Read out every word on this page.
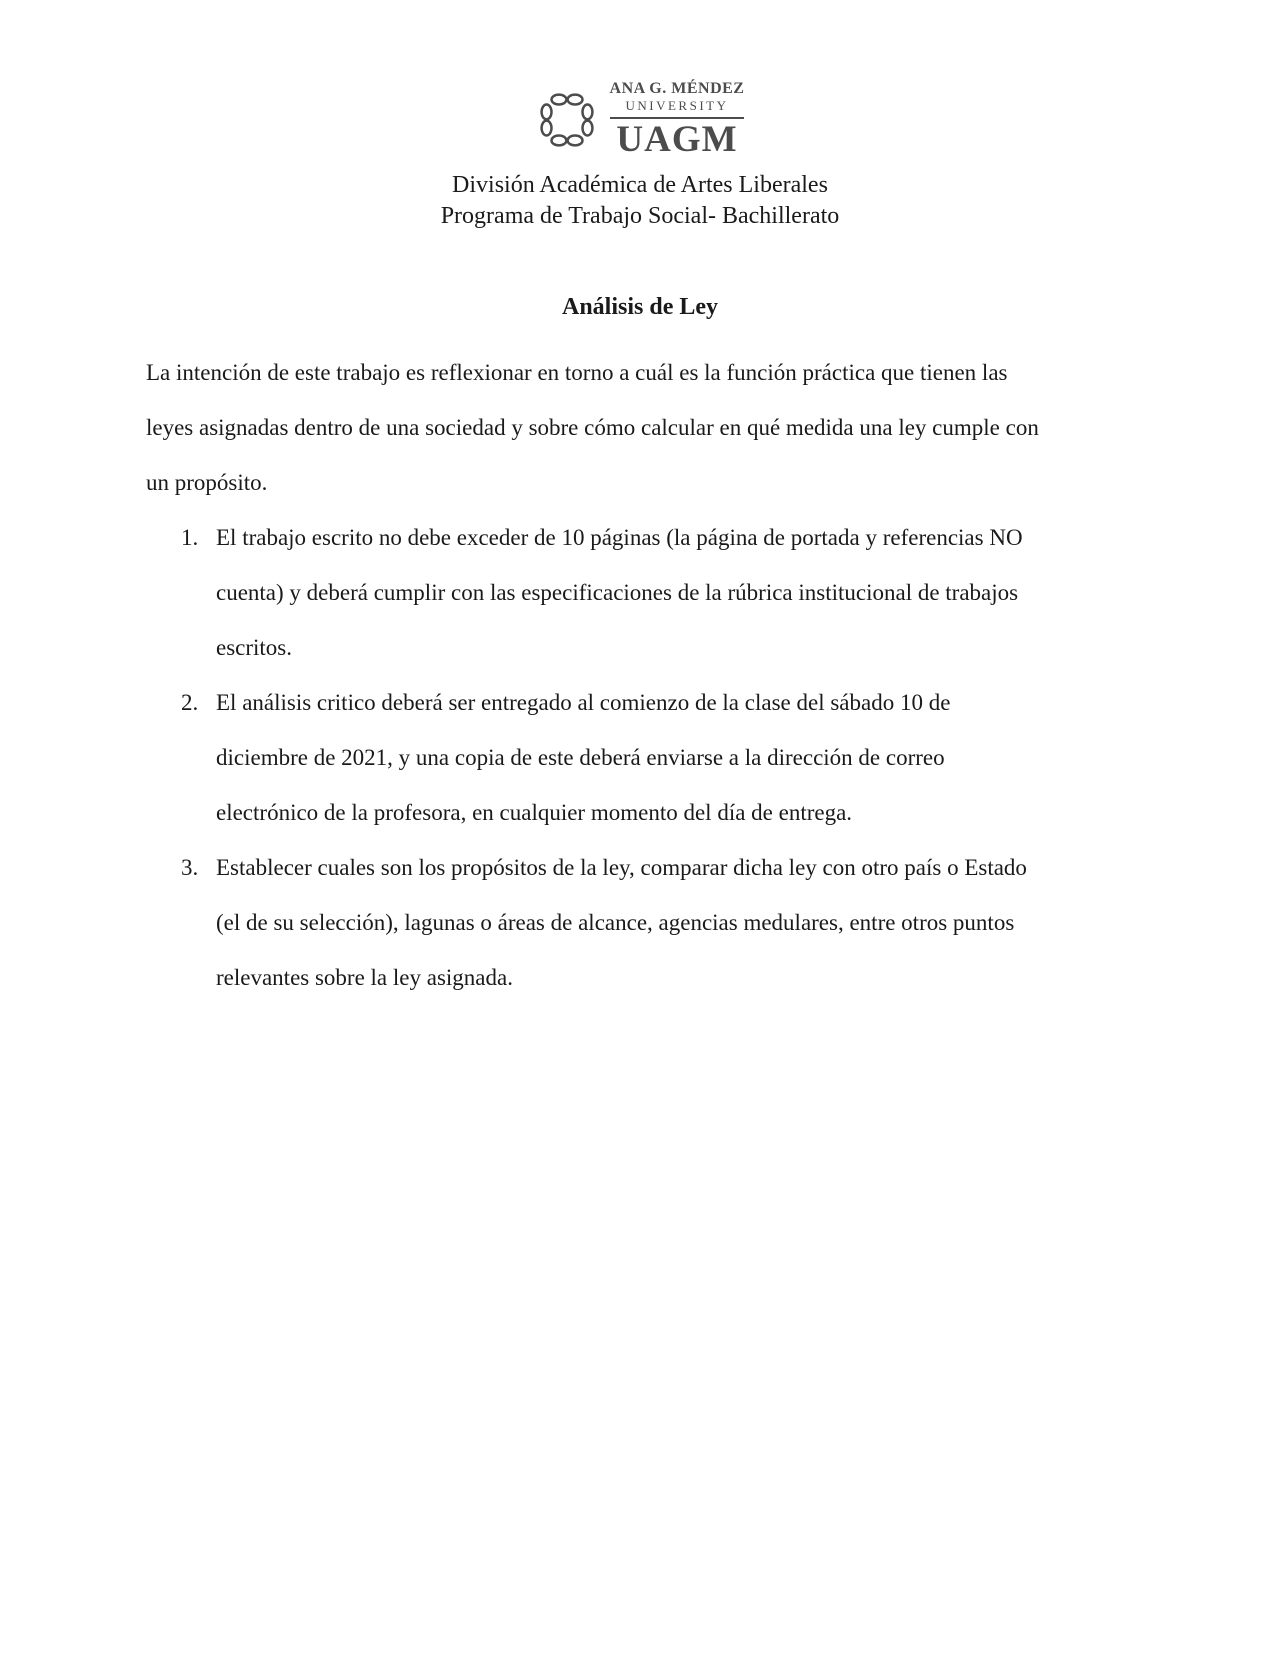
ANA G. MÉNDEZ
UNIVERSITY
UAGM
División Académica de Artes Liberales
Programa de Trabajo Social- Bachillerato
Análisis de Ley
La intención de este trabajo es reflexionar en torno a cuál es la función práctica que tienen las
leyes asignadas dentro de una sociedad y sobre cómo calcular en qué medida una ley cumple con
un propósito.
1. El trabajo escrito no debe exceder de 10 páginas (la página de portada y referencias NO
cuenta) y deberá cumplir con las especificaciones de la rúbrica institucional de trabajos
escritos.
2. El análisis critico deberá ser entregado al comienzo de la clase del sábado 10 de
diciembre de 2021, y una copia de este deberá enviarse a la dirección de correo
electrónico de la profesora, en cualquier momento del día de entrega.
3. Establecer cuales son los propósitos de la ley, comparar dicha ley con otro país o Estado
(el de su selección), lagunas o áreas de alcance, agencias medulares, entre otros puntos
relevantes sobre la ley asignada.
